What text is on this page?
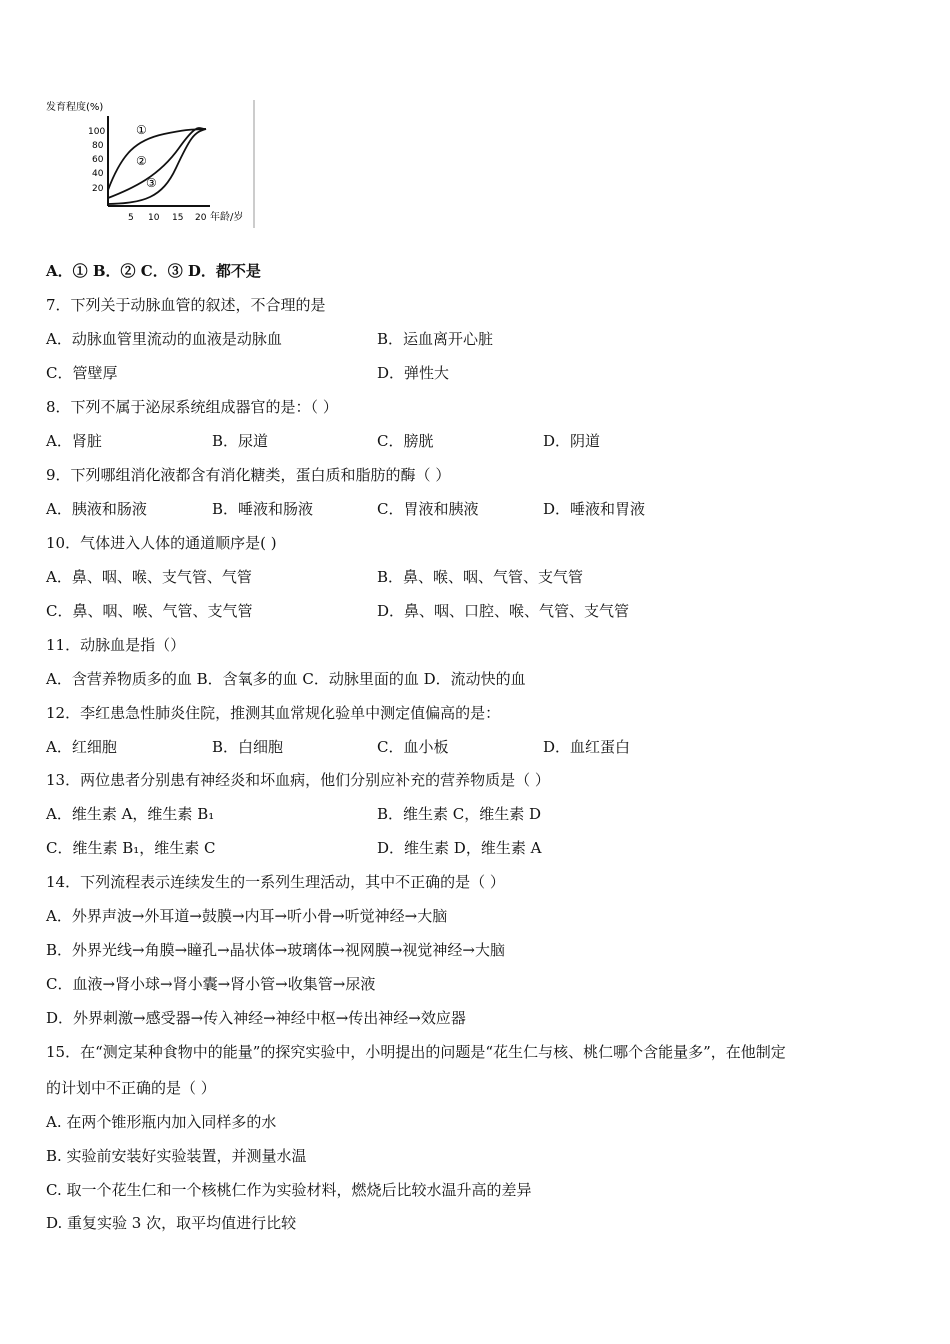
发育程度(%)
100
80
60
40
20
5 10 15 20 年龄/岁
①
②
③
A．① B．② C．③ D．都不是
7．下列关于动脉血管的叙述，不合理的是
A．动脉血管里流动的血液是动脉血	B．运血离开心脏
C．管壁厚	D．弹性大
8．下列不属于泌尿系统组成器官的是：（ ）
A．肾脏	B．尿道	C．膀胱	D．阴道
9．下列哪组消化液都含有消化糖类，蛋白质和脂肪的酶（ ）
A．胰液和肠液	B．唾液和肠液	C．胃液和胰液	D．唾液和胃液
10．气体进入人体的通道顺序是( )
A．鼻、咽、喉、支气管、气管	B．鼻、喉、咽、气管、支气管
C．鼻、咽、喉、气管、支气管	D．鼻、咽、口腔、喉、气管、支气管
11．动脉血是指（）
A．含营养物质多的血 B．含氧多的血 C．动脉里面的血 D．流动快的血
12．李红患急性肺炎住院，推测其血常规化验单中测定值偏高的是：
A．红细胞	B．白细胞	C．血小板	D．血红蛋白
13．两位患者分别患有神经炎和坏血病，他们分别应补充的营养物质是（ ）
A．维生素 A，维生素 B₁	B．维生素 C，维生素 D
C．维生素 B₁，维生素 C	D．维生素 D，维生素 A
14．下列流程表示连续发生的一系列生理活动，其中不正确的是（ ）
A．外界声波→外耳道→鼓膜→内耳→听小骨→听觉神经→大脑
B．外界光线→角膜→瞳孔→晶状体→玻璃体→视网膜→视觉神经→大脑
C．血液→肾小球→肾小囊→肾小管→收集管→尿液
D．外界刺激→感受器→传入神经→神经中枢→传出神经→效应器
15．在“测定某种食物中的能量”的探究实验中，小明提出的问题是“花生仁与核、桃仁哪个含能量多”，在他制定
的计划中不正确的是（ ）
A. 在两个锥形瓶内加入同样多的水
B. 实验前安装好实验装置，并测量水温
C. 取一个花生仁和一个核桃仁作为实验材料，燃烧后比较水温升高的差异
D. 重复实验 3 次，取平均值进行比较
